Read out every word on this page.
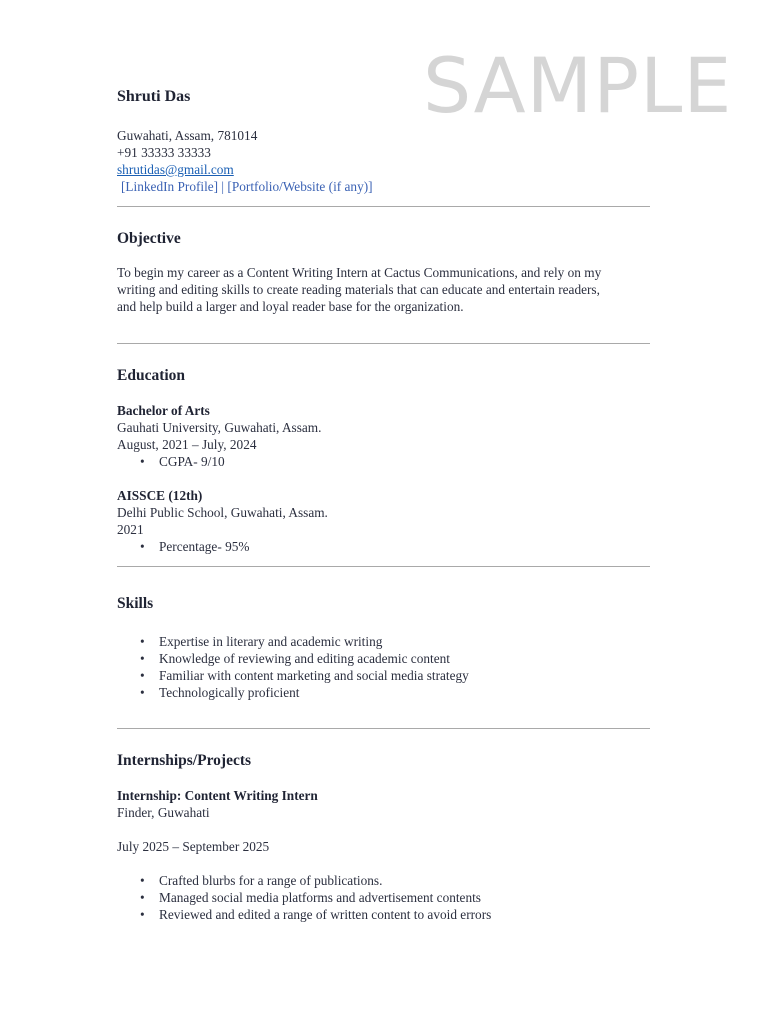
SAMPLE
Shruti Das
Guwahati, Assam, 781014
+91 33333 33333
shrutidas@gmail.com
[LinkedIn Profile] | [Portfolio/Website (if any)]
Objective
To begin my career as a Content Writing Intern at Cactus Communications, and rely on my
writing and editing skills to create reading materials that can educate and entertain readers,
and help build a larger and loyal reader base for the organization.
Education
Bachelor of Arts
Gauhati University, Guwahati, Assam.
August, 2021 – July, 2024
• CGPA- 9/10
AISSCE (12th)
Delhi Public School, Guwahati, Assam.
2021
• Percentage- 95%
Skills
• Expertise in literary and academic writing
• Knowledge of reviewing and editing academic content
• Familiar with content marketing and social media strategy
• Technologically proficient
Internships/Projects
Internship: Content Writing Intern
Finder, Guwahati
July 2025 – September 2025
• Crafted blurbs for a range of publications.
• Managed social media platforms and advertisement contents
• Reviewed and edited a range of written content to avoid errors
